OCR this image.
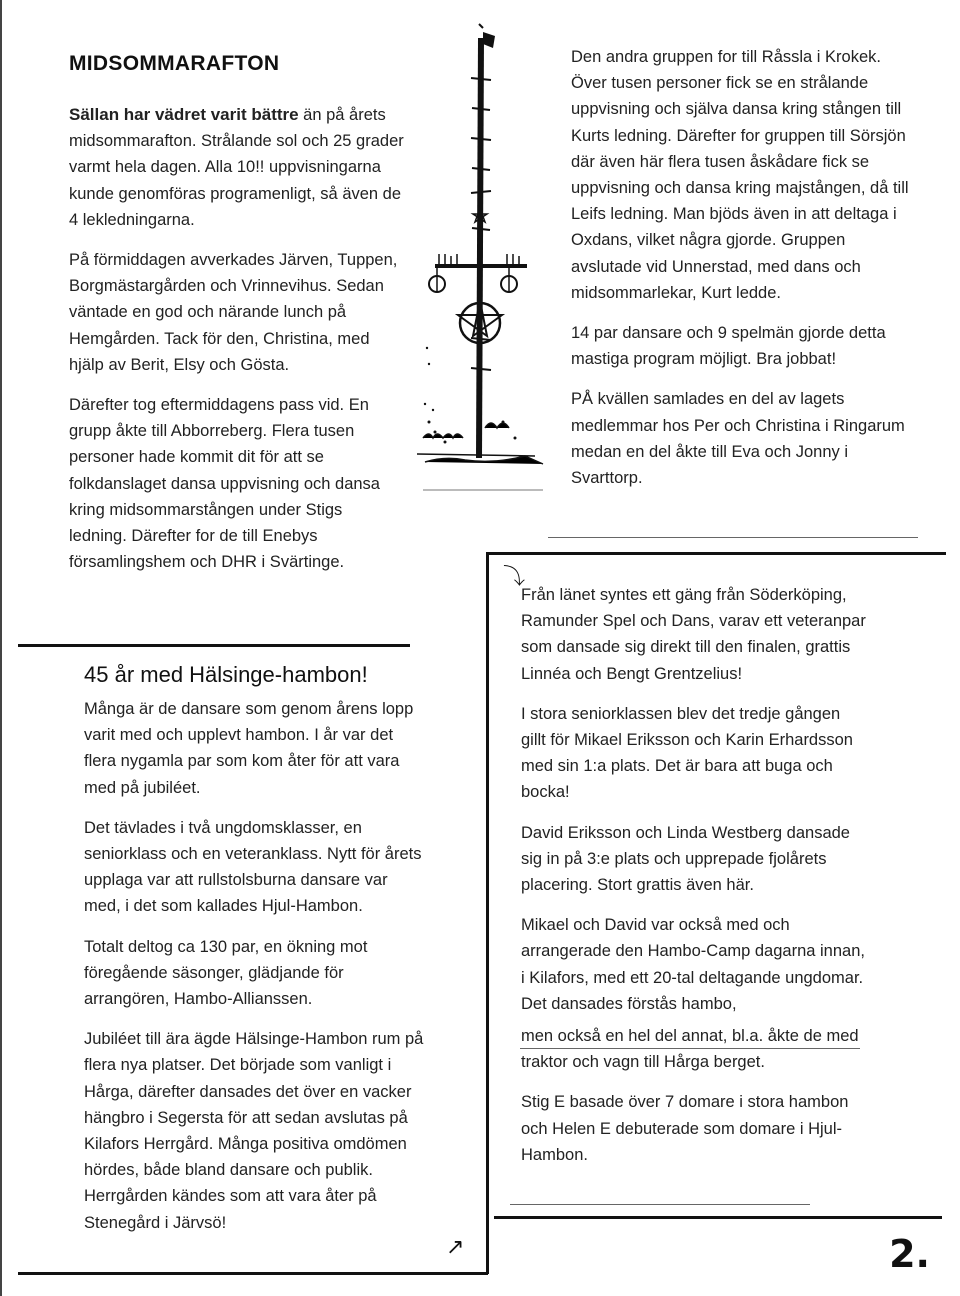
MIDSOMMARAFTON

Sällan har vädret varit bättre än på årets midsommarafton. Strålande sol och 25 grader varmt hela dagen. Alla 10!! uppvisningarna kunde genomföras programenligt, så även de 4 lekledningarna.

På förmiddagen avverkades Järven, Tuppen, Borgmästargården och Vrinnevihus. Sedan väntade en god och närande lunch på Hemgården. Tack för den, Christina, med hjälp av Berit, Elsy och Gösta.

Därefter tog eftermiddagens pass vid. En grupp åkte till Abborreberg. Flera tusen personer hade kommit dit för att se folkdanslaget dansa uppvisning och dansa kring midsommarstången under Stigs ledning. Därefter for de till Enebys församlingshem och DHR i Svärtinge.

Den andra gruppen for till Råssla i Krokek. Över tusen personer fick se en strålande uppvisning och själva dansa kring stången till Kurts ledning. Därefter for gruppen till Sörsjön där även här flera tusen åskådare fick se uppvisning och dansa kring majstången, då till Leifs ledning. Man bjöds även in att deltaga i Oxdans, vilket några gjorde. Gruppen avslutade vid Unnerstad, med dans och midsommarlekar, Kurt ledde.

14 par dansare och 9 spelmän gjorde detta mastiga program möjligt. Bra jobbat!

PÅ kvällen samlades en del av lagets medlemmar hos Per och Christina i Ringarum medan en del åkte till Eva och Jonny i Svarttorp.

⤵
↗
45 år med Hälsinge-hambon!

Många är de dansare som genom årens lopp varit med och upplevt hambon. I år var det flera nygamla par som kom åter för att vara med på jubiléet.

Det tävlades i två ungdomsklasser, en seniorklass och en veteranklass. Nytt för årets upplaga var att rullstolsburna dansare var med, i det som kallades Hjul-Hambon.

Totalt deltog ca 130 par, en ökning mot föregående säsonger, glädjande för arrangören, Hambo-Allianssen.

Jubiléet till ära ägde Hälsinge-Hambon rum på flera nya platser. Det började som vanligt i Hårga, därefter dansades det över en vacker hängbro i Segersta för att sedan avslutas på Kilafors Herrgård. Många positiva omdömen hördes, både bland dansare och publik. Herrgården kändes som att vara åter på Stenegård i Järvsö!

Från länet syntes ett gäng från Söderköping, Ramunder Spel och Dans, varav ett veteranpar som dansade sig direkt till den finalen, grattis Linnéa och Bengt Grentzelius!

I stora seniorklassen blev det tredje gången gillt för Mikael Eriksson och Karin Erhardsson med sin 1:a plats. Det är bara att buga och bocka!

David Eriksson och Linda Westberg dansade sig in på 3:e plats och upprepade fjolårets placering. Stort grattis även här.

Mikael och David var också med och arrangerade den Hambo-Camp dagarna innan, i Kilafors, med ett 20-tal deltagande ungdomar. Det dansades förstås hambo,

men också en hel del annat, bl.a. åkte de med traktor och vagn till Hårga berget.

Stig E basade över 7 domare i stora hambon och Helen E debuterade som domare i Hjul-Hambon.

2.
